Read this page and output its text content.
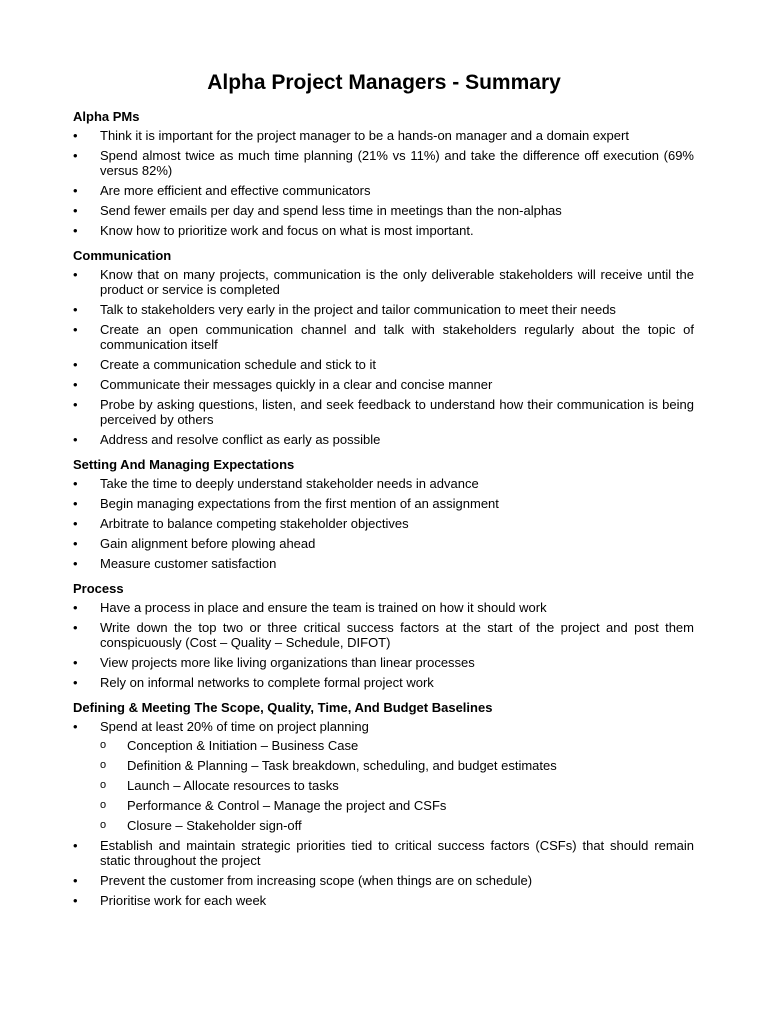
Alpha Project Managers - Summary
Alpha PMs
•	Think it is important for the project manager to be a hands-on manager and a domain expert
•	Spend almost twice as much time planning (21% vs 11%) and take the difference off execution (69% versus 82%)
•	Are more efficient and effective communicators
•	Send fewer emails per day and spend less time in meetings than the non-alphas
•	Know how to prioritize work and focus on what is most important.
Communication
•	Know that on many projects, communication is the only deliverable stakeholders will receive until the product or service is completed
•	Talk to stakeholders very early in the project and tailor communication to meet their needs
•	Create an open communication channel and talk with stakeholders regularly about the topic of communication itself
•	Create a communication schedule and stick to it
•	Communicate their messages quickly in a clear and concise manner
•	Probe by asking questions, listen, and seek feedback to understand how their communication is being perceived by others
•	Address and resolve conflict as early as possible
Setting And Managing Expectations
•	Take the time to deeply understand stakeholder needs in advance
•	Begin managing expectations from the first mention of an assignment
•	Arbitrate to balance competing stakeholder objectives
•	Gain alignment before plowing ahead
•	Measure customer satisfaction
Process
•	Have a process in place and ensure the team is trained on how it should work
•	Write down the top two or three critical success factors at the start of the project and post them conspicuously (Cost – Quality – Schedule, DIFOT)
•	View projects more like living organizations than linear processes
•	Rely on informal networks to complete formal project work
Defining & Meeting The Scope, Quality, Time, And Budget Baselines
•	Spend at least 20% of time on project planning
o Conception & Initiation – Business Case
o Definition & Planning – Task breakdown, scheduling, and budget estimates
o Launch – Allocate resources to tasks
o Performance & Control – Manage the project and CSFs
o Closure – Stakeholder sign-off
•	Establish and maintain strategic priorities tied to critical success factors (CSFs) that should remain static throughout the project
•	Prevent the customer from increasing scope (when things are on schedule)
•	Prioritise work for each week
